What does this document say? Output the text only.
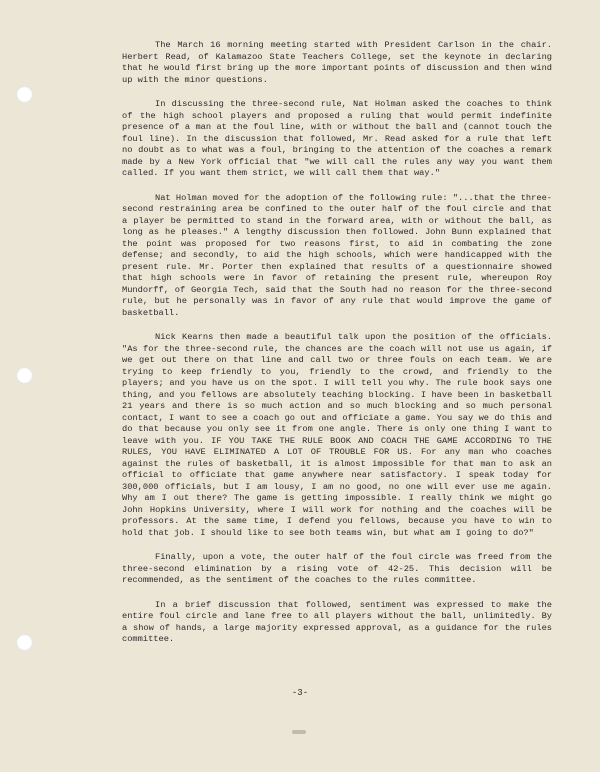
The March 16 morning meeting started with President Carlson in the chair. Herbert Read, of Kalamazoo State Teachers College, set the keynote in declaring that he would first bring up the more important points of discussion and then wind up with the minor questions.

In discussing the three-second rule, Nat Holman asked the coaches to think of the high school players and proposed a ruling that would permit indefinite presence of a man at the foul line, with or without the ball and (cannot touch the foul line). In the discussion that followed, Mr. Read asked for a rule that left no doubt as to what was a foul, bringing to the attention of the coaches a remark made by a New York official that "we will call the rules any way you want them called. If you want them strict, we will call them that way."

Nat Holman moved for the adoption of the following rule: "...that the three-second restraining area be confined to the outer half of the foul circle and that a player be permitted to stand in the forward area, with or without the ball, as long as he pleases." A lengthy discussion then followed. John Bunn explained that the point was proposed for two reasons first, to aid in combating the zone defense; and secondly, to aid the high schools, which were handicapped with the present rule. Mr. Porter then explained that results of a questionnaire showed that high schools were in favor of retaining the present rule, whereupon Roy Mundorff, of Georgia Tech, said that the South had no reason for the three-second rule, but he personally was in favor of any rule that would improve the game of basketball.

Nick Kearns then made a beautiful talk upon the position of the officials. "As for the three-second rule, the chances are the coach will not use us again, if we get out there on that line and call two or three fouls on each team. We are trying to keep friendly to you, friendly to the crowd, and friendly to the players; and you have us on the spot. I will tell you why. The rule book says one thing, and you fellows are absolutely teaching blocking. I have been in basketball 21 years and there is so much action and so much blocking and so much personal contact, I want to see a coach go out and officiate a game. You say we do this and do that because you only see it from one angle. There is only one thing I want to leave with you. IF YOU TAKE THE RULE BOOK AND COACH THE GAME ACCORDING TO THE RULES, YOU HAVE ELIMINATED A LOT OF TROUBLE FOR US. For any man who coaches against the rules of basketball, it is almost impossible for that man to ask an official to officiate that game anywhere near satisfactory. I speak today for 300,000 officials, but I am lousy, I am no good, no one will ever use me again. Why am I out there? The game is getting impossible. I really think we might go John Hopkins University, where I will work for nothing and the coaches will be professors. At the same time, I defend you fellows, because you have to win to hold that job. I should like to see both teams win, but what am I going to do?"

Finally, upon a vote, the outer half of the foul circle was freed from the three-second elimination by a rising vote of 42-25. This decision will be recommended, as the sentiment of the coaches to the rules committee.

In a brief discussion that followed, sentiment was expressed to make the entire foul circle and lane free to all players without the ball, unlimitedly. By a show of hands, a large majority expressed approval, as a guidance for the rules committee.

-3-
